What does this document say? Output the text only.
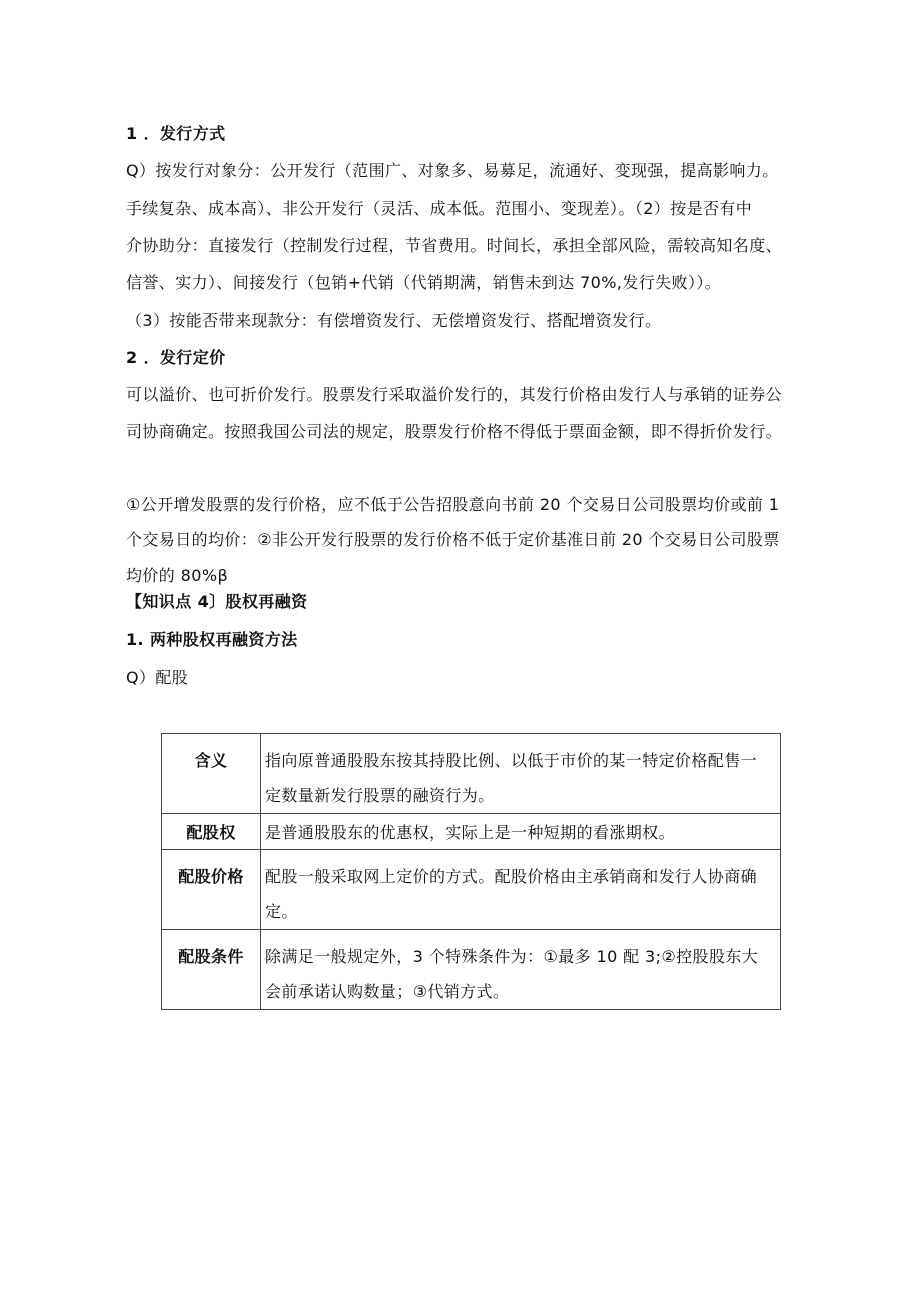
1 ．发行方式
Q）按发行对象分：公开发行（范围广、对象多、易募足，流通好、变现强，提高影响力。
手续复杂、成本高）、非公开发行（灵活、成本低。范围小、变现差）。（2）按是否有中
介协助分：直接发行（控制发行过程，节省费用。时间长，承担全部风险，需较高知名度、
信誉、实力）、间接发行（包销+代销（代销期满，销售未到达 70%,发行失败））。
（3）按能否带来现款分：有偿增资发行、无偿增资发行、搭配增资发行。
2 ．发行定价
可以溢价、也可折价发行。股票发行采取溢价发行的，其发行价格由发行人与承销的证券公
司协商确定。按照我国公司法的规定，股票发行价格不得低于票面金额，即不得折价发行。
①公开增发股票的发行价格，应不低于公告招股意向书前 20 个交易日公司股票均价或前 1
个交易日的均价：②非公开发行股票的发行价格不低于定价基准日前 20 个交易日公司股票
均价的 80%β
【知识点 4〕股权再融资
1. 两种股权再融资方法
Q）配股
含义	指向原普通股股东按其持股比例、以低于市价的某一特定价格配售一
定数量新发行股票的融资行为。

配股权	是普通股股东的优惠权，实际上是一种短期的看涨期权。

配股价格	配股一般采取网上定价的方式。配股价格由主承销商和发行人协商确
定。

配股条件	除满足一般规定外，3 个特殊条件为：①最多 10 配 3;②控股股东大
会前承诺认购数量；③代销方式。
